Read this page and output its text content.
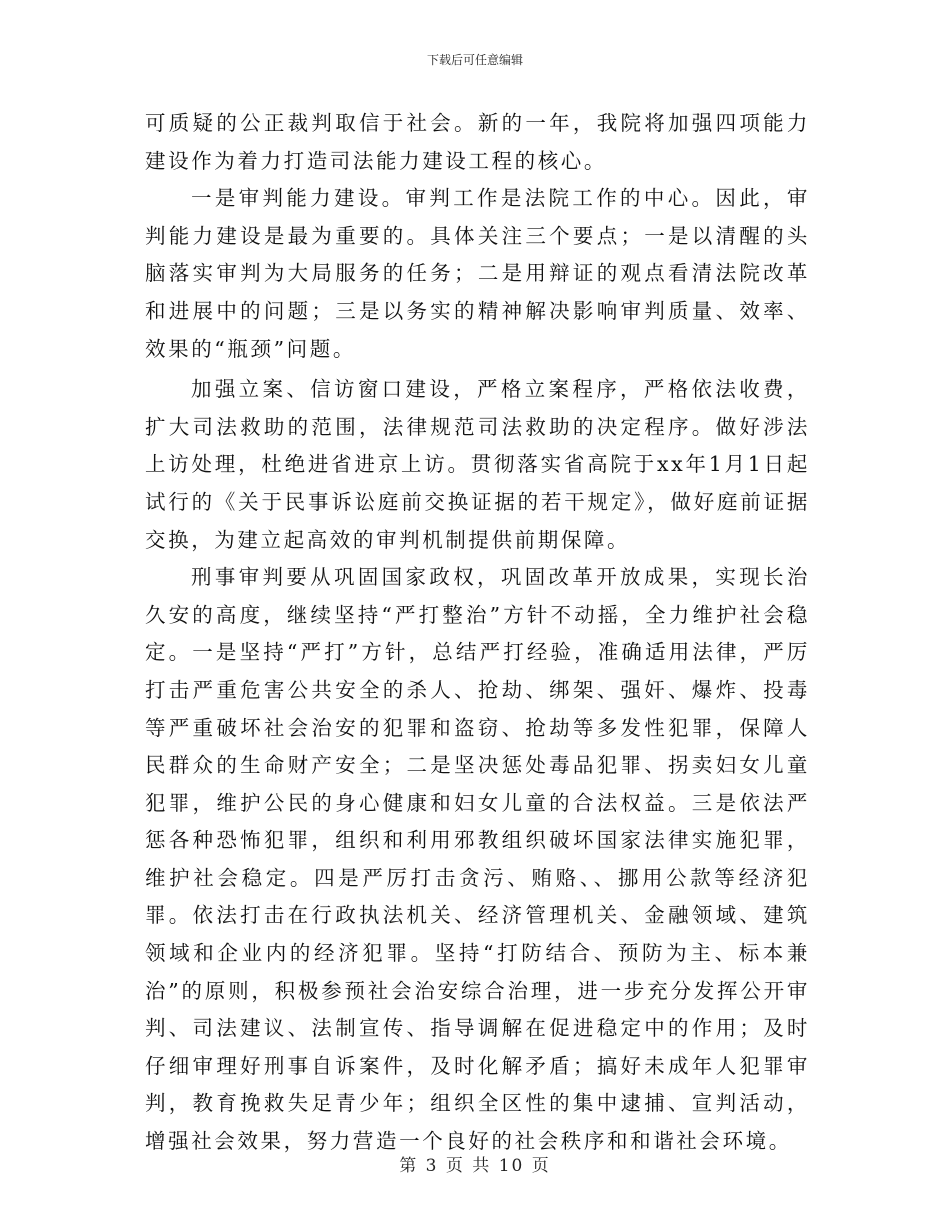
下载后可任意编辑

可质疑的公正裁判取信于社会。新的一年，我院将加强四项能力建设作为着力打造司法能力建设工程的核心。

一是审判能力建设。审判工作是法院工作的中心。因此，审判能力建设是最为重要的。具体关注三个要点；一是以清醒的头脑落实审判为大局服务的任务；二是用辩证的观点看清法院改革和进展中的问题；三是以务实的精神解决影响审判质量、效率、效果的“瓶颈”问题。

加强立案、信访窗口建设，严格立案程序，严格依法收费，扩大司法救助的范围，法律规范司法救助的决定程序。做好涉法上访处理，杜绝进省进京上访。贯彻落实省高院于xx年1月1日起试行的《关于民事诉讼庭前交换证据的若干规定》，做好庭前证据交换，为建立起高效的审判机制提供前期保障。

刑事审判要从巩固国家政权，巩固改革开放成果，实现长治久安的高度，继续坚持“严打整治”方针不动摇，全力维护社会稳定。一是坚持“严打”方针，总结严打经验，准确适用法律，严厉打击严重危害公共安全的杀人、抢劫、绑架、强奸、爆炸、投毒等严重破坏社会治安的犯罪和盗窃、抢劫等多发性犯罪，保障人民群众的生命财产安全；二是坚决惩处毒品犯罪、拐卖妇女儿童犯罪，维护公民的身心健康和妇女儿童的合法权益。三是依法严惩各种恐怖犯罪，组织和利用邪教组织破坏国家法律实施犯罪，维护社会稳定。四是严厉打击贪污、贿赂、、挪用公款等经济犯罪。依法打击在行政执法机关、经济管理机关、金融领域、建筑领域和企业内的经济犯罪。坚持“打防结合、预防为主、标本兼治”的原则，积极参预社会治安综合治理，进一步充分发挥公开审判、司法建议、法制宣传、指导调解在促进稳定中的作用；及时仔细审理好刑事自诉案件，及时化解矛盾；搞好未成年人犯罪审判，教育挽救失足青少年；组织全区性的集中逮捕、宣判活动，增强社会效果，努力营造一个良好的社会秩序和和谐社会环境。

第 3 页 共 10 页
